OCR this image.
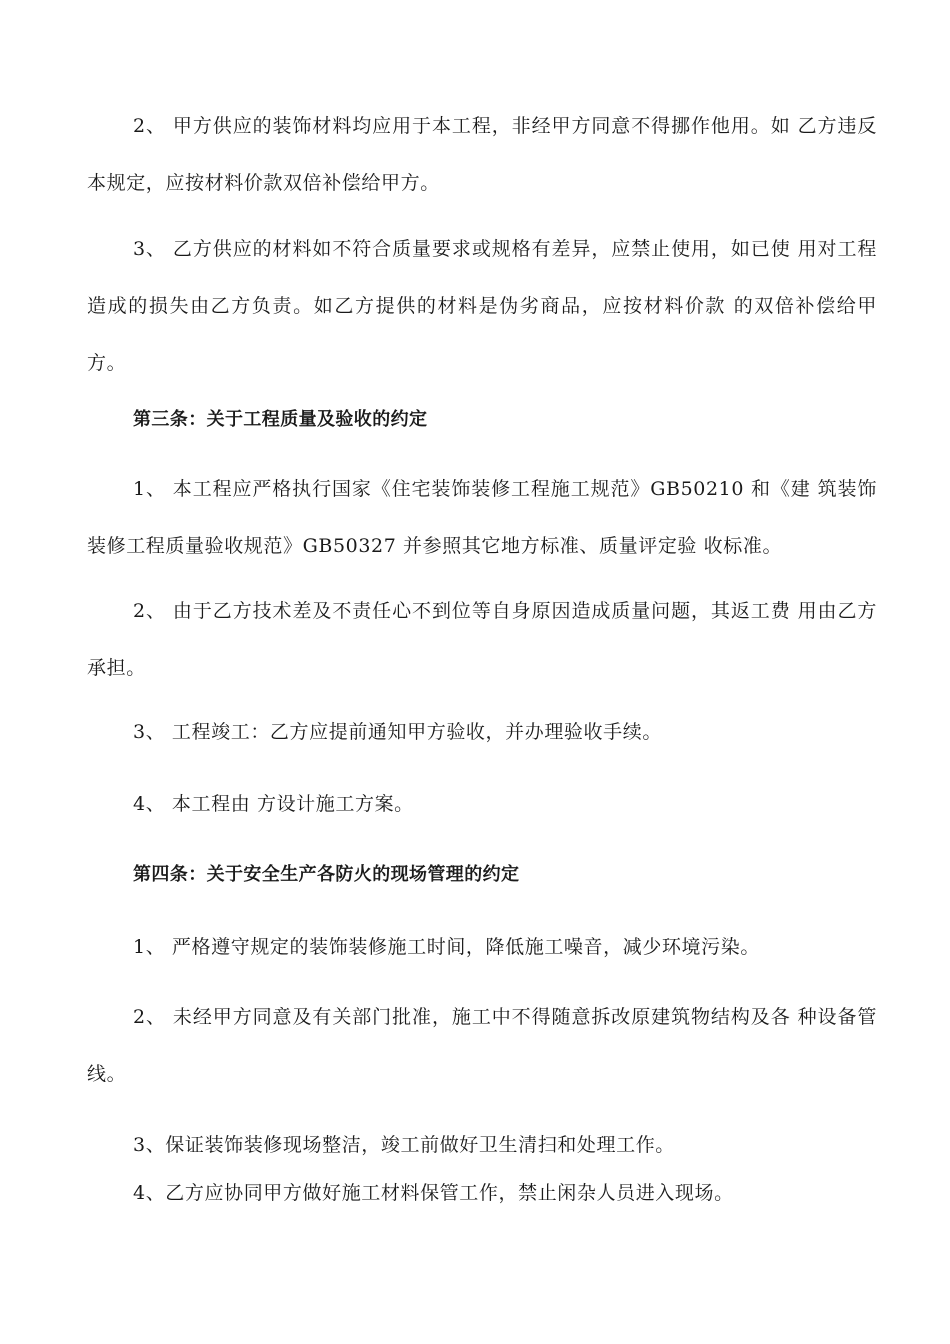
2、 甲方供应的装饰材料均应用于本工程，非经甲方同意不得挪作他用。如 乙方违反本规定，应按材料价款双倍补偿给甲方。

3、 乙方供应的材料如不符合质量要求或规格有差异，应禁止使用，如已使 用对工程造成的损失由乙方负责。如乙方提供的材料是伪劣商品，应按材料价款 的双倍补偿给甲方。

第三条：关于工程质量及验收的约定

1、 本工程应严格执行国家《住宅装饰装修工程施工规范》GB50210 和《建 筑装饰装修工程质量验收规范》GB50327 并参照其它地方标准、质量评定验 收标准。

2、 由于乙方技术差及不责任心不到位等自身原因造成质量问题，其返工费 用由乙方承担。

3、 工程竣工：乙方应提前通知甲方验收，并办理验收手续。

4、 本工程由 方设计施工方案。

第四条：关于安全生产各防火的现场管理的约定

1、 严格遵守规定的装饰装修施工时间，降低施工噪音，减少环境污染。

2、 未经甲方同意及有关部门批准，施工中不得随意拆改原建筑物结构及各 种设备管线。

3、保证装饰装修现场整洁，竣工前做好卫生清扫和处理工作。

4、乙方应协同甲方做好施工材料保管工作，禁止闲杂人员进入现场。
